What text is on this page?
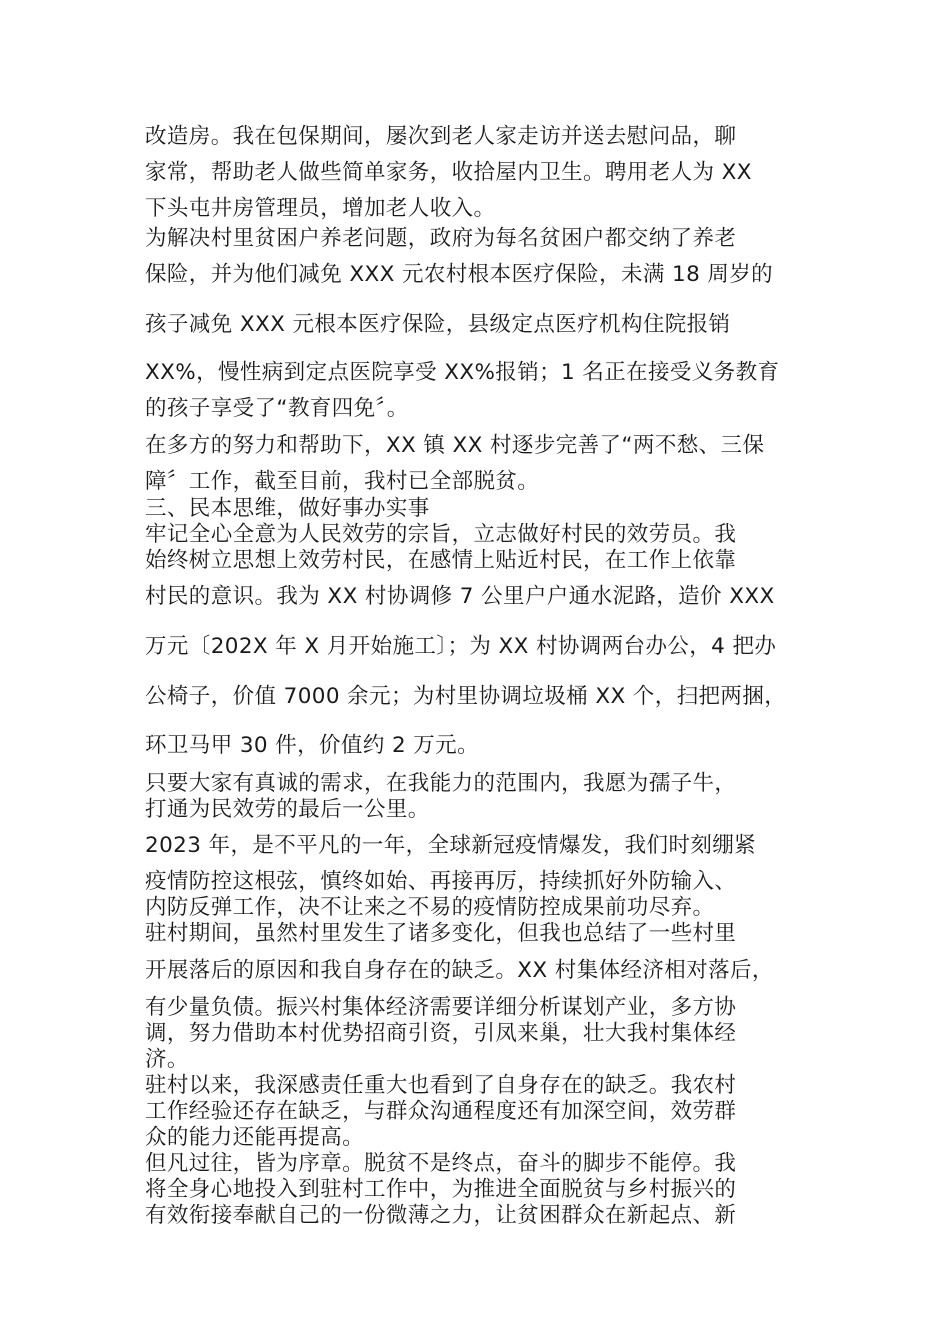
改造房。我在包保期间，屡次到老人家走访并送去慰问品，聊
家常，帮助老人做些简单家务，收拾屋内卫生。聘用老人为 XX
下头屯井房管理员，增加老人收入。
为解决村里贫困户养老问题，政府为每名贫困户都交纳了养老
保险，并为他们减免 XXX 元农村根本医疗保险，未满 18 周岁的
孩子减免 XXX 元根本医疗保险，县级定点医疗机构住院报销
XX%，慢性病到定点医院享受 XX%报销；1 名正在接受义务教育
的孩子享受了“教育四免〞。
在多方的努力和帮助下，XX 镇 XX 村逐步完善了“两不愁、三保
障〞工作，截至目前，我村已全部脱贫。
三、民本思维，做好事办实事
牢记全心全意为人民效劳的宗旨，立志做好村民的效劳员。我
始终树立思想上效劳村民，在感情上贴近村民，在工作上依靠
村民的意识。我为 XX 村协调修 7 公里户户通水泥路，造价 XXX
万元〔202X 年 X 月开始施工〕；为 XX 村协调两台办公，4 把办
公椅子，价值 7000 余元；为村里协调垃圾桶 XX 个，扫把两捆，
环卫马甲 30 件，价值约 2 万元。
只要大家有真诚的需求，在我能力的范围内，我愿为孺子牛，
打通为民效劳的最后一公里。
2023 年，是不平凡的一年，全球新冠疫情爆发，我们时刻绷紧
疫情防控这根弦，慎终如始、再接再厉，持续抓好外防输入、
内防反弹工作，决不让来之不易的疫情防控成果前功尽弃。
驻村期间，虽然村里发生了诸多变化，但我也总结了一些村里
开展落后的原因和我自身存在的缺乏。XX 村集体经济相对落后，
有少量负债。振兴村集体经济需要详细分析谋划产业，多方协
调，努力借助本村优势招商引资，引凤来巢，壮大我村集体经
济。
驻村以来，我深感责任重大也看到了自身存在的缺乏。我农村
工作经验还存在缺乏，与群众沟通程度还有加深空间，效劳群
众的能力还能再提高。
但凡过往，皆为序章。脱贫不是终点，奋斗的脚步不能停。我
将全身心地投入到驻村工作中，为推进全面脱贫与乡村振兴的
有效衔接奉献自己的一份微薄之力，让贫困群众在新起点、新
